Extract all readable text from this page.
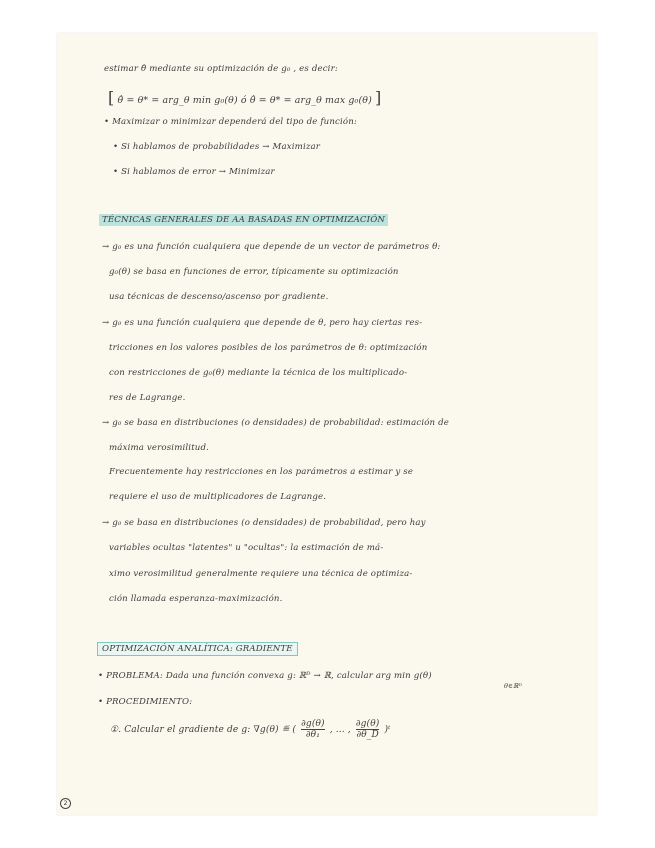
estimar θ̂ mediante su optimización de g₀ , es decir:
[ θ̂ = θ* = arg_θ min g₀(θ) ó θ̂ = θ* = arg_θ max g₀(θ) ]
• Maximizar o minimizar dependerá del tipo de función:
• Si hablamos de probabilidades → Maximizar
• Si hablamos de error → Minimizar
TÉCNICAS GENERALES DE AA BASADAS EN OPTIMIZACIÓN
→ g₀ es una función cualquiera que depende de un vector de parámetros θ:
g₀(θ) se basa en funciones de error, típicamente su optimización
usa técnicas de descenso/ascenso por gradiente.
→ g₀ es una función cualquiera que depende de θ, pero hay ciertas res-
tricciones en los valores posibles de los parámetros de θ: optimización
con restricciones de g₀(θ) mediante la técnica de los multiplicado-
res de Lagrange.
→ g₀ se basa en distribuciones (o densidades) de probabilidad: estimación de
máxima verosimilitud.
Frecuentemente hay restricciones en los parámetros a estimar y se
requiere el uso de multiplicadores de Lagrange.
→ g₀ se basa en distribuciones (o densidades) de probabilidad, pero hay
variables ocultas "latentes" u "ocultas": la estimación de má-
ximo verosimilitud generalmente requiere una técnica de optimiza-
ción llamada esperanza-maximización.
OPTIMIZACIÓN ANALÍTICA: GRADIENTE
• PROBLEMA: Dada una función convexa g: ℝᴰ → ℝ, calcular arg min g(θ)
θ∈ℝᴰ
• PROCEDIMIENTO:
①. Calcular el gradiente de g: ∇g(θ) ≝ ( $\frac{\partial g(\theta)}{\text{∂θ₁}}$ , ... , $\frac{\partial g(\theta)}{\partial\theta\_D}$ )ᵗ
2
